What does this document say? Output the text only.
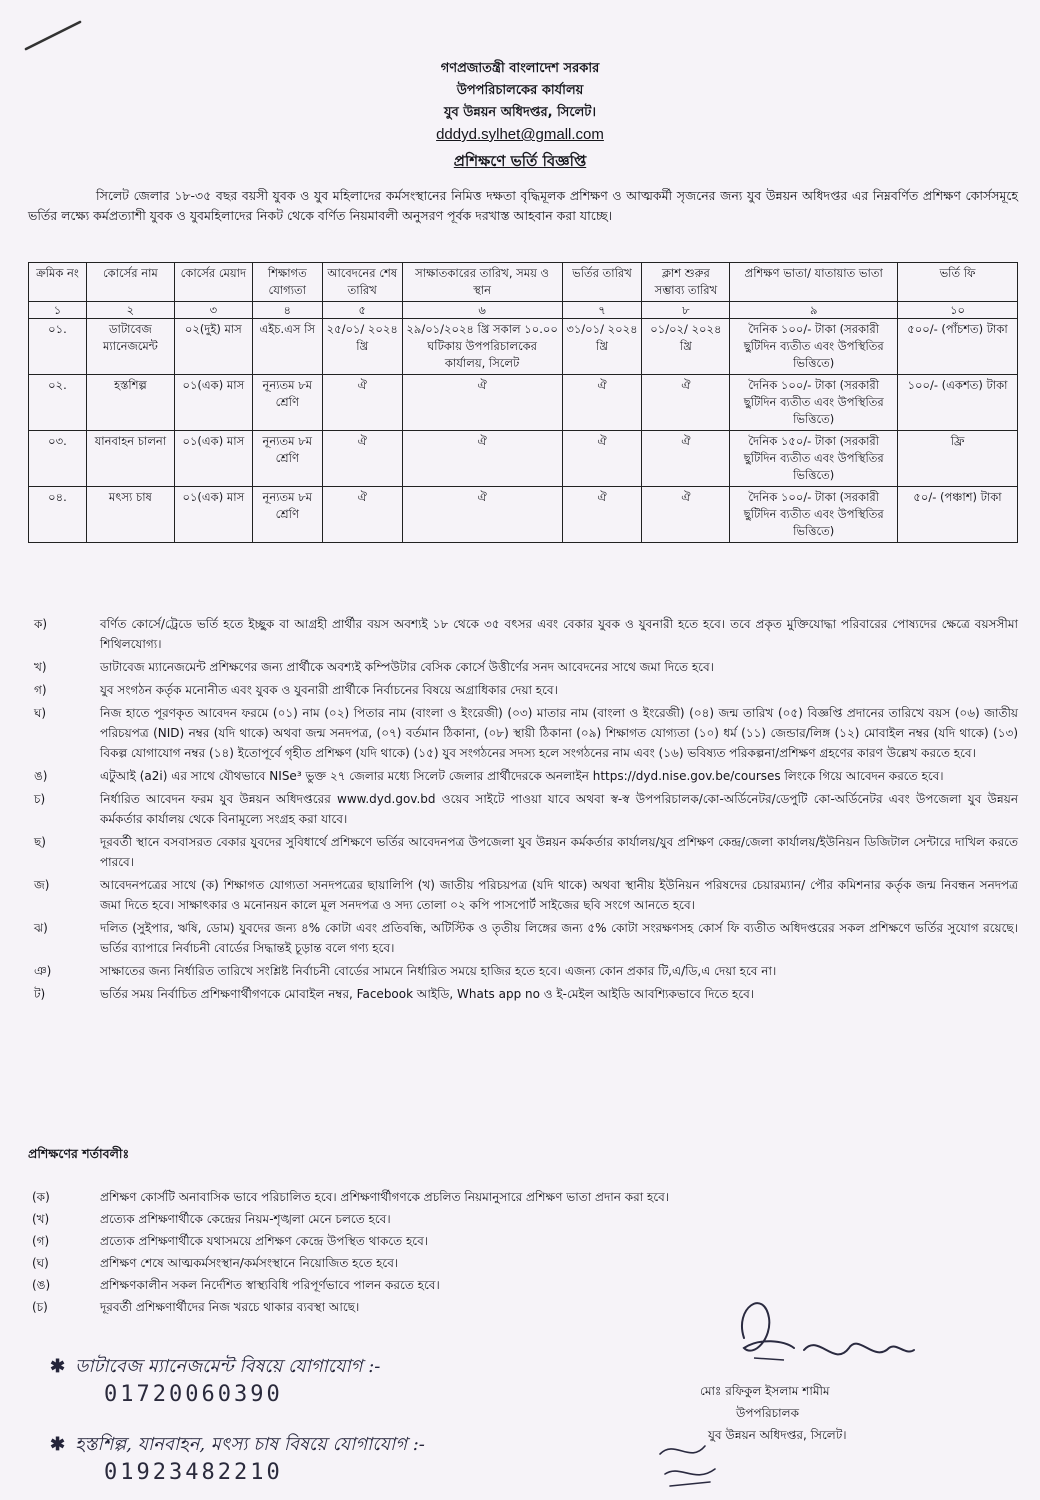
গণপ্রজাতন্ত্রী বাংলাদেশ সরকার
উপপরিচালকের কার্যালয়
যুব উন্নয়ন অধিদপ্তর, সিলেট।
dddyd.sylhet@gmall.com
প্রশিক্ষণে ভর্তি বিজ্ঞপ্তি
সিলেট জেলার ১৮-৩৫ বছর বয়সী যুবক ও যুব মহিলাদের কর্মসংস্থানের নিমিত্ত দক্ষতা বৃদ্ধিমূলক প্রশিক্ষণ ও আত্মকর্মী সৃজনের জন্য যুব উন্নয়ন অধিদপ্তর এর নিম্নবর্ণিত প্রশিক্ষণ কোর্সসমূহে ভর্তির লক্ষ্যে কর্মপ্রত্যাশী যুবক ও যুবমহিলাদের নিকট থেকে বর্ণিত নিয়মাবলী অনুসরণ পূর্বক দরখাস্ত আহবান করা যাচ্ছে।
ক্রমিক নং	কোর্সের নাম	কোর্সের মেয়াদ	শিক্ষাগত যোগ্যতা	আবেদনের শেষ তারিখ	সাক্ষাতকারের তারিখ, সময় ও স্থান	ভর্তির তারিখ	ক্লাশ শুরুর সম্ভাব্য তারিখ	প্রশিক্ষণ ভাতা/ যাতায়াত ভাতা	ভর্তি ফি
১	২	৩	৪	৫	৬	৭	৮	৯	১০
০১.	ডাটাবেজ ম্যানেজমেন্ট	০২(দুই) মাস	এইচ.এস সি	২৫/০১/ ২০২৪ খ্রি	২৯/০১/২০২৪ খ্রি সকাল ১০.০০ ঘটিকায় উপপরিচালকের কার্যালয়, সিলেট	৩১/০১/ ২০২৪ খ্রি	০১/০২/ ২০২৪ খ্রি	দৈনিক ১০০/- টাকা (সরকারী ছুটিদিন ব্যতীত এবং উপস্থিতির ভিত্তিতে)	৫০০/- (পাঁচশত) টাকা
০২.	হস্তশিল্প	০১(এক) মাস	নূন্যতম ৮ম শ্রেণি	ঐ	ঐ	ঐ	ঐ	দৈনিক ১০০/- টাকা (সরকারী ছুটিদিন ব্যতীত এবং উপস্থিতির ভিত্তিতে)	১০০/- (একশত) টাকা
০৩.	যানবাহন চালনা	০১(এক) মাস	নূন্যতম ৮ম শ্রেণি	ঐ	ঐ	ঐ	ঐ	দৈনিক ১৫০/- টাকা (সরকারী ছুটিদিন ব্যতীত এবং উপস্থিতির ভিত্তিতে)	ফ্রি
০৪.	মৎস্য চাষ	০১(এক) মাস	নূন্যতম ৮ম শ্রেণি	ঐ	ঐ	ঐ	ঐ	দৈনিক ১০০/- টাকা (সরকারী ছুটিদিন ব্যতীত এবং উপস্থিতির ভিত্তিতে)	৫০/- (পঞ্চাশ) টাকা
ক)	বর্ণিত কোর্সে/ট্রেডে ভর্তি হতে ইচ্ছুক বা আগ্রহী প্রার্থীর বয়স অবশ্যই ১৮ থেকে ৩৫ বৎসর এবং বেকার যুবক ও যুবনারী হতে হবে। তবে প্রকৃত মুক্তিযোদ্ধা পরিবারের পোষ্যদের ক্ষেত্রে বয়সসীমা শিথিলযোগ্য।
খ)	ডাটাবেজ ম্যানেজমেন্ট প্রশিক্ষণের জন্য প্রার্থীকে অবশ্যই কম্পিউটার বেসিক কোর্সে উত্তীর্ণের সনদ আবেদনের সাথে জমা দিতে হবে।
গ)	যুব সংগঠন কর্তৃক মনোনীত এবং যুবক ও যুবনারী প্রার্থীকে নির্বাচনের বিষয়ে অগ্রাধিকার দেয়া হবে।
ঘ)	নিজ হাতে পূরণকৃত আবেদন ফরমে (০১) নাম (০২) পিতার নাম (বাংলা ও ইংরেজী) (০৩) মাতার নাম (বাংলা ও ইংরেজী) (০৪) জন্ম তারিখ (০৫) বিজ্ঞপ্তি প্রদানের তারিখে বয়স (০৬) জাতীয় পরিচয়পত্র (NID) নম্বর (যদি থাকে) অথবা জন্ম সনদপত্র, (০৭) বর্তমান ঠিকানা, (০৮) স্থায়ী ঠিকানা (০৯) শিক্ষাগত যোগ্যতা (১০) ধর্ম (১১) জেন্ডার/লিঙ্গ (১২) মোবাইল নম্বর (যদি থাকে) (১৩) বিকল্প যোগাযোগ নম্বর (১৪) ইতোপূর্বে গৃহীত প্রশিক্ষণ (যদি থাকে) (১৫) যুব সংগঠনের সদস্য হলে সংগঠনের নাম এবং (১৬) ভবিষ্যত পরিকল্পনা/প্রশিক্ষণ গ্রহণের কারণ উল্লেখ করতে হবে।
ঙ)	এটুআই (a2i) এর সাথে যৌথভাবে NISe³ ভুক্ত ২৭ জেলার মধ্যে সিলেট জেলার প্রার্থীদেরকে অনলাইন https://dyd.nise.gov.be/courses লিংকে গিয়ে আবেদন করতে হবে।
চ)	নির্ধারিত আবেদন ফরম যুব উন্নয়ন অধিদপ্তরের www.dyd.gov.bd ওয়েব সাইটে পাওয়া যাবে অথবা স্ব-স্ব উপপরিচালক/কো-অর্ডিনেটর/ডেপুটি কো-অর্ডিনেটর এবং উপজেলা যুব উন্নয়ন কর্মকর্তার কার্যালয় থেকে বিনামূল্যে সংগ্রহ করা যাবে।
ছ)	দূরবর্তী স্থানে বসবাসরত বেকার যুবদের সুবিধার্থে প্রশিক্ষণে ভর্তির আবেদনপত্র উপজেলা যুব উন্নয়ন কর্মকর্তার কার্যালয়/যুব প্রশিক্ষণ কেন্দ্র/জেলা কার্যালয়/ইউনিয়ন ডিজিটাল সেন্টারে দাখিল করতে পারবে।
জ)	আবেদনপত্রের সাথে (ক) শিক্ষাগত যোগ্যতা সনদপত্রের ছায়ালিপি (খ) জাতীয় পরিচয়পত্র (যদি থাকে) অথবা স্থানীয় ইউনিয়ন পরিষদের চেয়ারম্যান/ পৌর কমিশনার কর্তৃক জন্ম নিবন্ধন সনদপত্র জমা দিতে হবে। সাক্ষাৎকার ও মনোনয়ন কালে মূল সনদপত্র ও সদ্য তোলা ০২ কপি পাসপোর্ট সাইজের ছবি সংগে আনতে হবে।
ঝ)	দলিত (সুইপার, ঋষি, ডোম) যুবদের জন্য ৪% কোটা এবং প্রতিবন্ধি, অটিস্টিক ও তৃতীয় লিঙ্গের জন্য ৫% কোটা সংরক্ষণসহ কোর্স ফি ব্যতীত অধিদপ্তরের সকল প্রশিক্ষণে ভর্তির সুযোগ রয়েছে। ভর্তির ব্যাপারে নির্বাচনী বোর্ডের সিদ্ধান্তই চূড়ান্ত বলে গণ্য হবে।
ঞ)	সাক্ষাতের জন্য নির্ধারিত তারিখে সংশ্লিষ্ট নির্বাচনী বোর্ডের সামনে নির্ধারিত সময়ে হাজির হতে হবে। এজন্য কোন প্রকার টি,এ/ডি,এ দেয়া হবে না।
ট)	ভর্তির সময় নির্বাচিত প্রশিক্ষণার্থীগণকে মোবাইল নম্বর, Facebook আইডি, Whats app no ও ই-মেইল আইডি আবশ্যিকভাবে দিতে হবে।
প্রশিক্ষণের শর্তাবলীঃ
(ক)	প্রশিক্ষণ কোর্সটি অনাবাসিক ভাবে পরিচালিত হবে। প্রশিক্ষণার্থীগণকে প্রচলিত নিয়মানুসারে প্রশিক্ষণ ভাতা প্রদান করা হবে।
(খ)	প্রত্যেক প্রশিক্ষণার্থীকে কেন্দ্রের নিয়ম-শৃঙ্খলা মেনে চলতে হবে।
(গ)	প্রত্যেক প্রশিক্ষণার্থীকে যথাসময়ে প্রশিক্ষণ কেন্দ্রে উপস্থিত থাকতে হবে।
(ঘ)	প্রশিক্ষণ শেষে আত্মকর্মসংস্থান/কর্মসংস্থানে নিয়োজিত হতে হবে।
(ঙ)	প্রশিক্ষণকালীন সকল নির্দেশিত স্বাস্থ্যবিধি পরিপূর্ণভাবে পালন করতে হবে।
(চ)	দূরবর্তী প্রশিক্ষণার্থীদের নিজ খরচে থাকার ব্যবস্থা আছে।
✱ ডাটাবেজ ম্যানেজমেন্ট বিষয়ে যোগাযোগ :-
01720060390
✱ হস্তশিল্প, যানবাহন, মৎস্য চাষ বিষয়ে যোগাযোগ :-
01923482210
মোঃ রফিকুল ইসলাম শামীম
উপপরিচালক
যুব উন্নয়ন অধিদপ্তর, সিলেট।
